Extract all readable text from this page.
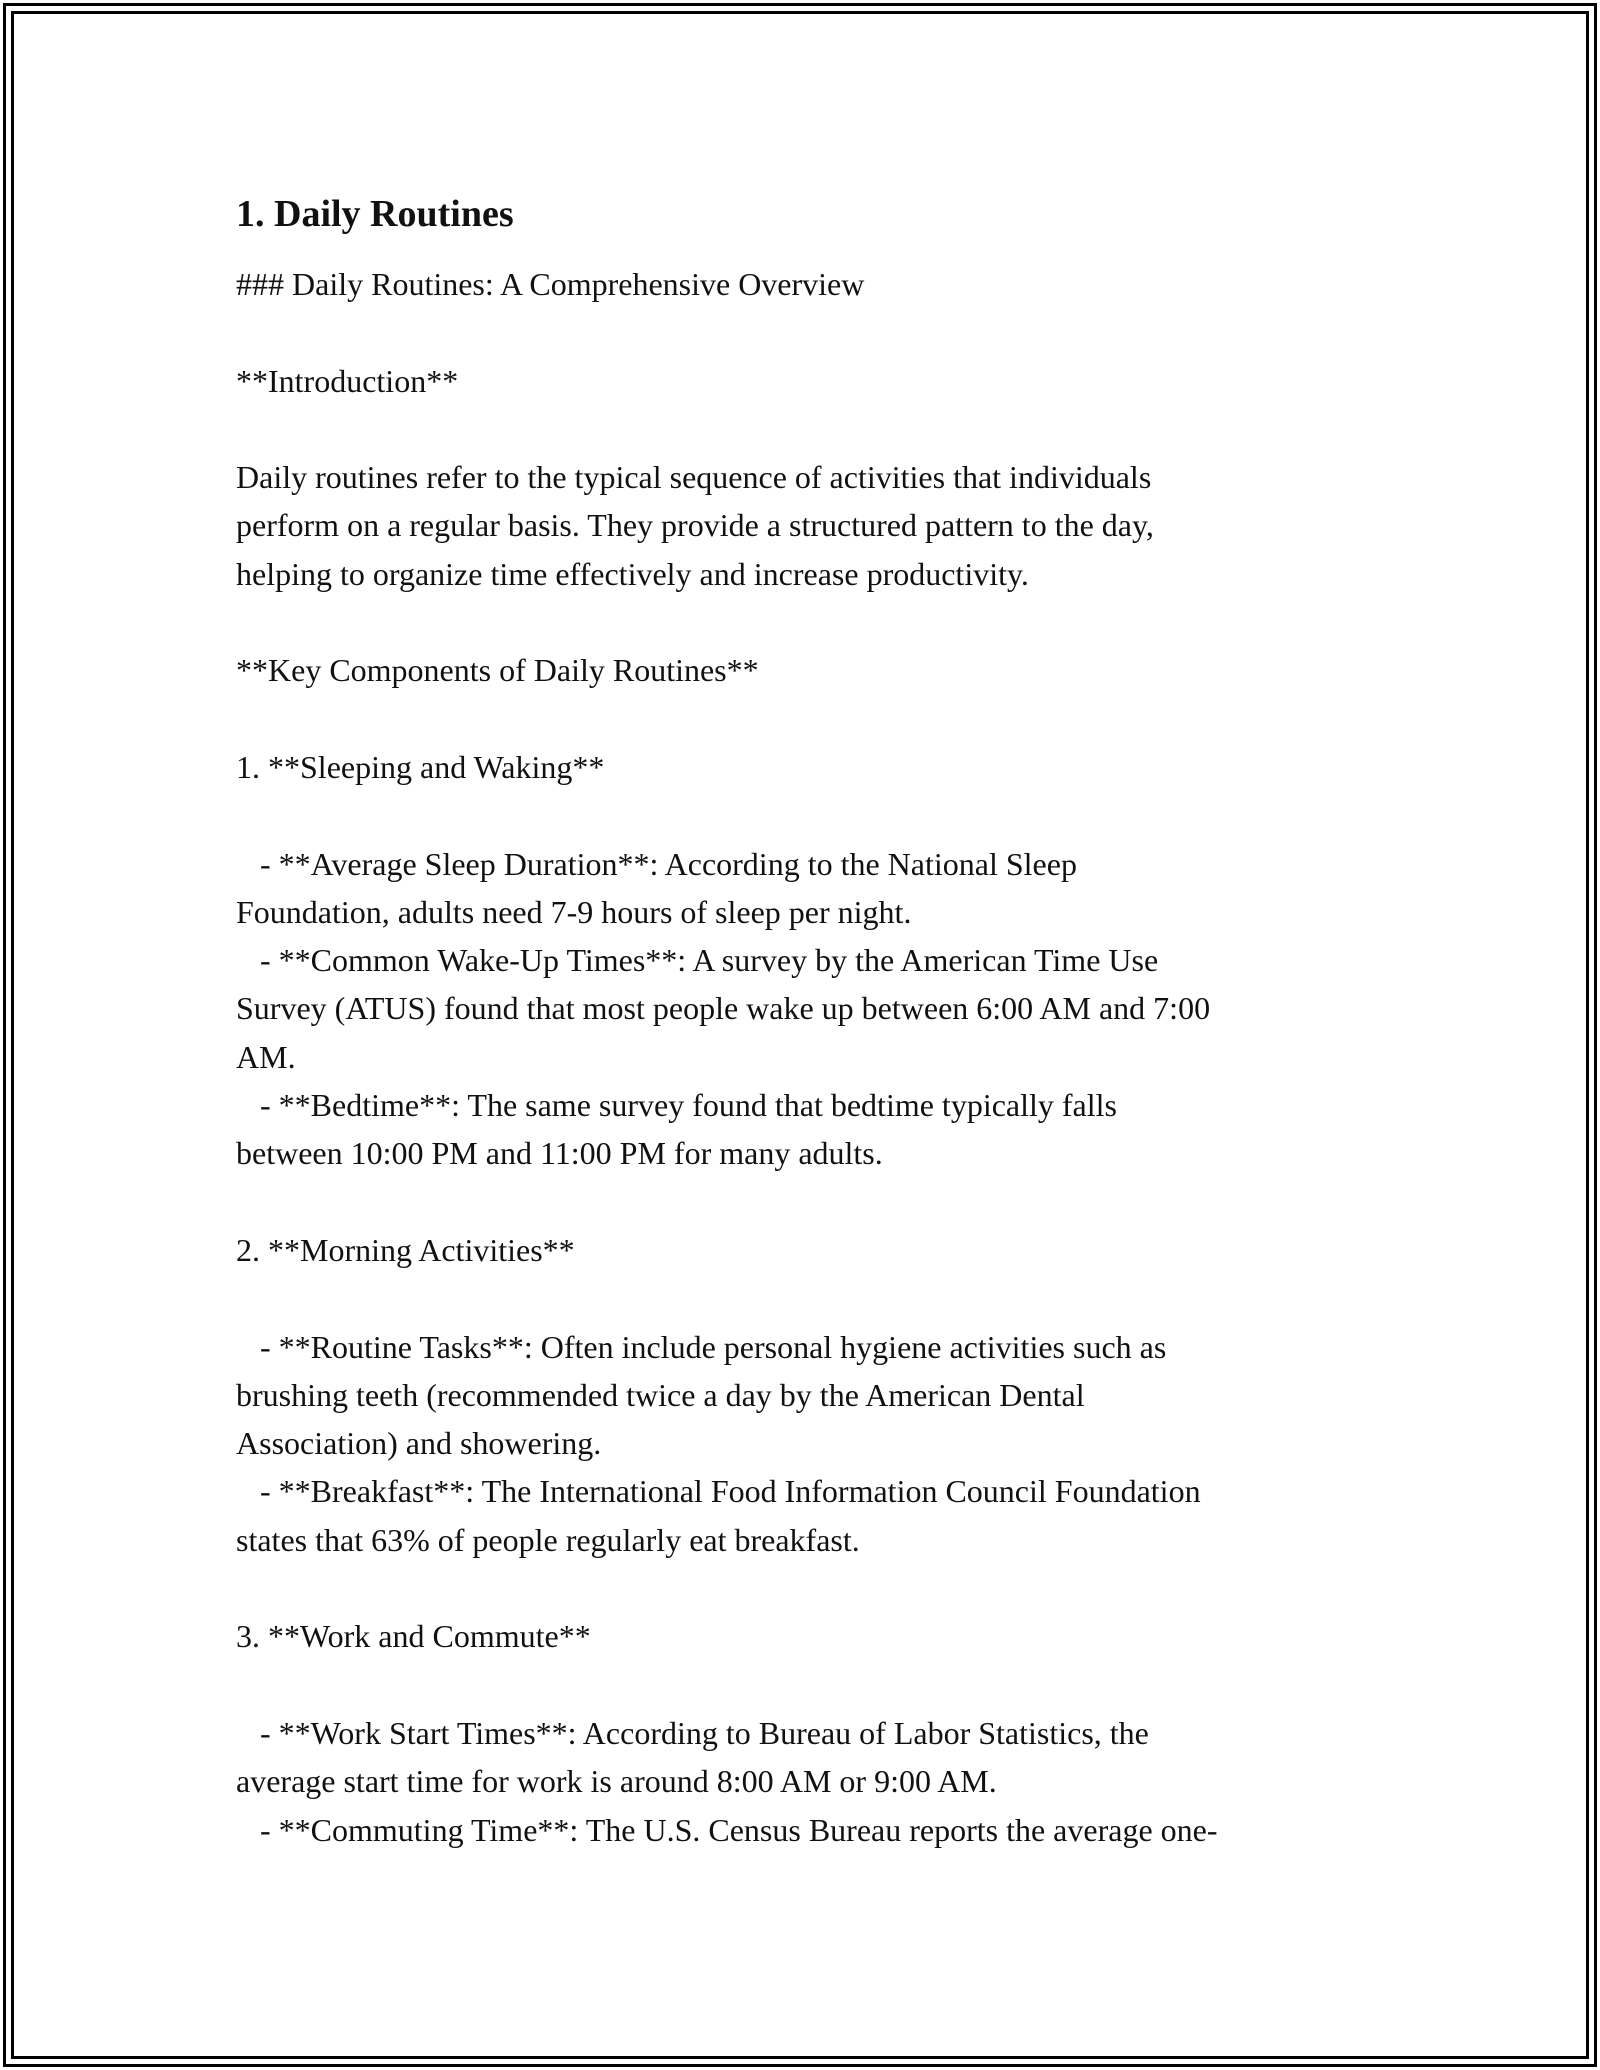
1. Daily Routines

### Daily Routines: A Comprehensive Overview

**Introduction**

Daily routines refer to the typical sequence of activities that individuals

perform on a regular basis. They provide a structured pattern to the day,

helping to organize time effectively and increase productivity.

**Key Components of Daily Routines**

1. **Sleeping and Waking**

- **Average Sleep Duration**: According to the National Sleep

Foundation, adults need 7-9 hours of sleep per night.

- **Common Wake-Up Times**: A survey by the American Time Use

Survey (ATUS) found that most people wake up between 6:00 AM and 7:00

AM.

- **Bedtime**: The same survey found that bedtime typically falls

between 10:00 PM and 11:00 PM for many adults.

2. **Morning Activities**

- **Routine Tasks**: Often include personal hygiene activities such as

brushing teeth (recommended twice a day by the American Dental

Association) and showering.

- **Breakfast**: The International Food Information Council Foundation

states that 63% of people regularly eat breakfast.

3. **Work and Commute**

- **Work Start Times**: According to Bureau of Labor Statistics, the

average start time for work is around 8:00 AM or 9:00 AM.

- **Commuting Time**: The U.S. Census Bureau reports the average one-
